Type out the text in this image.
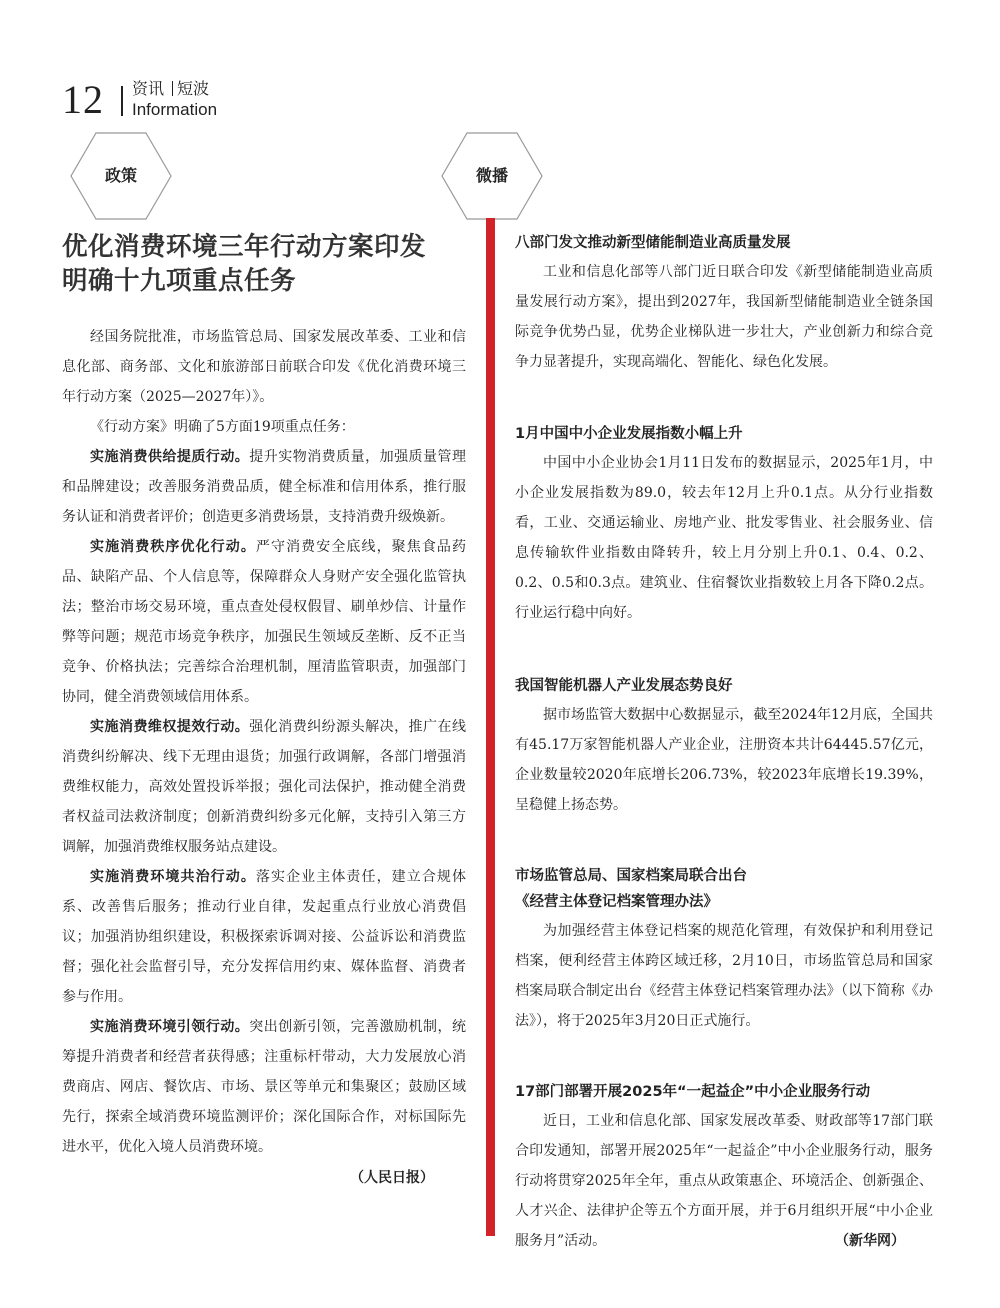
12 资讯 短波
Information
政策	微播
优化消费环境三年行动方案印发
明确十九项重点任务

经国务院批准，市场监管总局、国家发展改革委、工业和信息化部、商务部、文化和旅游部日前联合印发《优化消费环境三年行动方案（2025—2027年）》。

《行动方案》明确了5方面19项重点任务：

实施消费供给提质行动。提升实物消费质量，加强质量管理和品牌建设；改善服务消费品质，健全标准和信用体系，推行服务认证和消费者评价；创造更多消费场景，支持消费升级焕新。

实施消费秩序优化行动。严守消费安全底线，聚焦食品药品、缺陷产品、个人信息等，保障群众人身财产安全强化监管执法；整治市场交易环境，重点查处侵权假冒、刷单炒信、计量作弊等问题；规范市场竞争秩序，加强民生领域反垄断、反不正当竞争、价格执法；完善综合治理机制，厘清监管职责，加强部门协同，健全消费领域信用体系。

实施消费维权提效行动。强化消费纠纷源头解决，推广在线消费纠纷解决、线下无理由退货；加强行政调解，各部门增强消费维权能力，高效处置投诉举报；强化司法保护，推动健全消费者权益司法救济制度；创新消费纠纷多元化解，支持引入第三方调解，加强消费维权服务站点建设。

实施消费环境共治行动。落实企业主体责任，建立合规体系、改善售后服务；推动行业自律，发起重点行业放心消费倡议；加强消协组织建设，积极探索诉调对接、公益诉讼和消费监督；强化社会监督引导，充分发挥信用约束、媒体监督、消费者参与作用。

实施消费环境引领行动。突出创新引领，完善激励机制，统筹提升消费者和经营者获得感；注重标杆带动，大力发展放心消费商店、网店、餐饮店、市场、景区等单元和集聚区；鼓励区域先行，探索全域消费环境监测评价；深化国际合作，对标国际先进水平，优化入境人员消费环境。

（人民日报）
八部门发文推动新型储能制造业高质量发展

工业和信息化部等八部门近日联合印发《新型储能制造业高质量发展行动方案》，提出到2027年，我国新型储能制造业全链条国际竞争优势凸显，优势企业梯队进一步壮大，产业创新力和综合竞争力显著提升，实现高端化、智能化、绿色化发展。

1月中国中小企业发展指数小幅上升

中国中小企业协会1月11日发布的数据显示，2025年1月，中小企业发展指数为89.0，较去年12月上升0.1点。从分行业指数看，工业、交通运输业、房地产业、批发零售业、社会服务业、信息传输软件业指数由降转升，较上月分别上升0.1、0.4、0.2、0.2、0.5和0.3点。建筑业、住宿餐饮业指数较上月各下降0.2点。行业运行稳中向好。

我国智能机器人产业发展态势良好

据市场监管大数据中心数据显示，截至2024年12月底，全国共有45.17万家智能机器人产业企业，注册资本共计64445.57亿元，企业数量较2020年底增长206.73%，较2023年底增长19.39%，呈稳健上扬态势。

市场监管总局、国家档案局联合出台
《经营主体登记档案管理办法》

为加强经营主体登记档案的规范化管理，有效保护和利用登记档案，便利经营主体跨区域迁移，2月10日，市场监管总局和国家档案局联合制定出台《经营主体登记档案管理办法》（以下简称《办法》），将于2025年3月20日正式施行。

17部门部署开展2025年“一起益企”中小企业服务行动

近日，工业和信息化部、国家发展改革委、财政部等17部门联合印发通知，部署开展2025年“一起益企”中小企业服务行动，服务行动将贯穿2025年全年，重点从政策惠企、环境活企、创新强企、人才兴企、法律护企等五个方面开展，并于6月组织开展“中小企业服务月”活动。	（新华网）
